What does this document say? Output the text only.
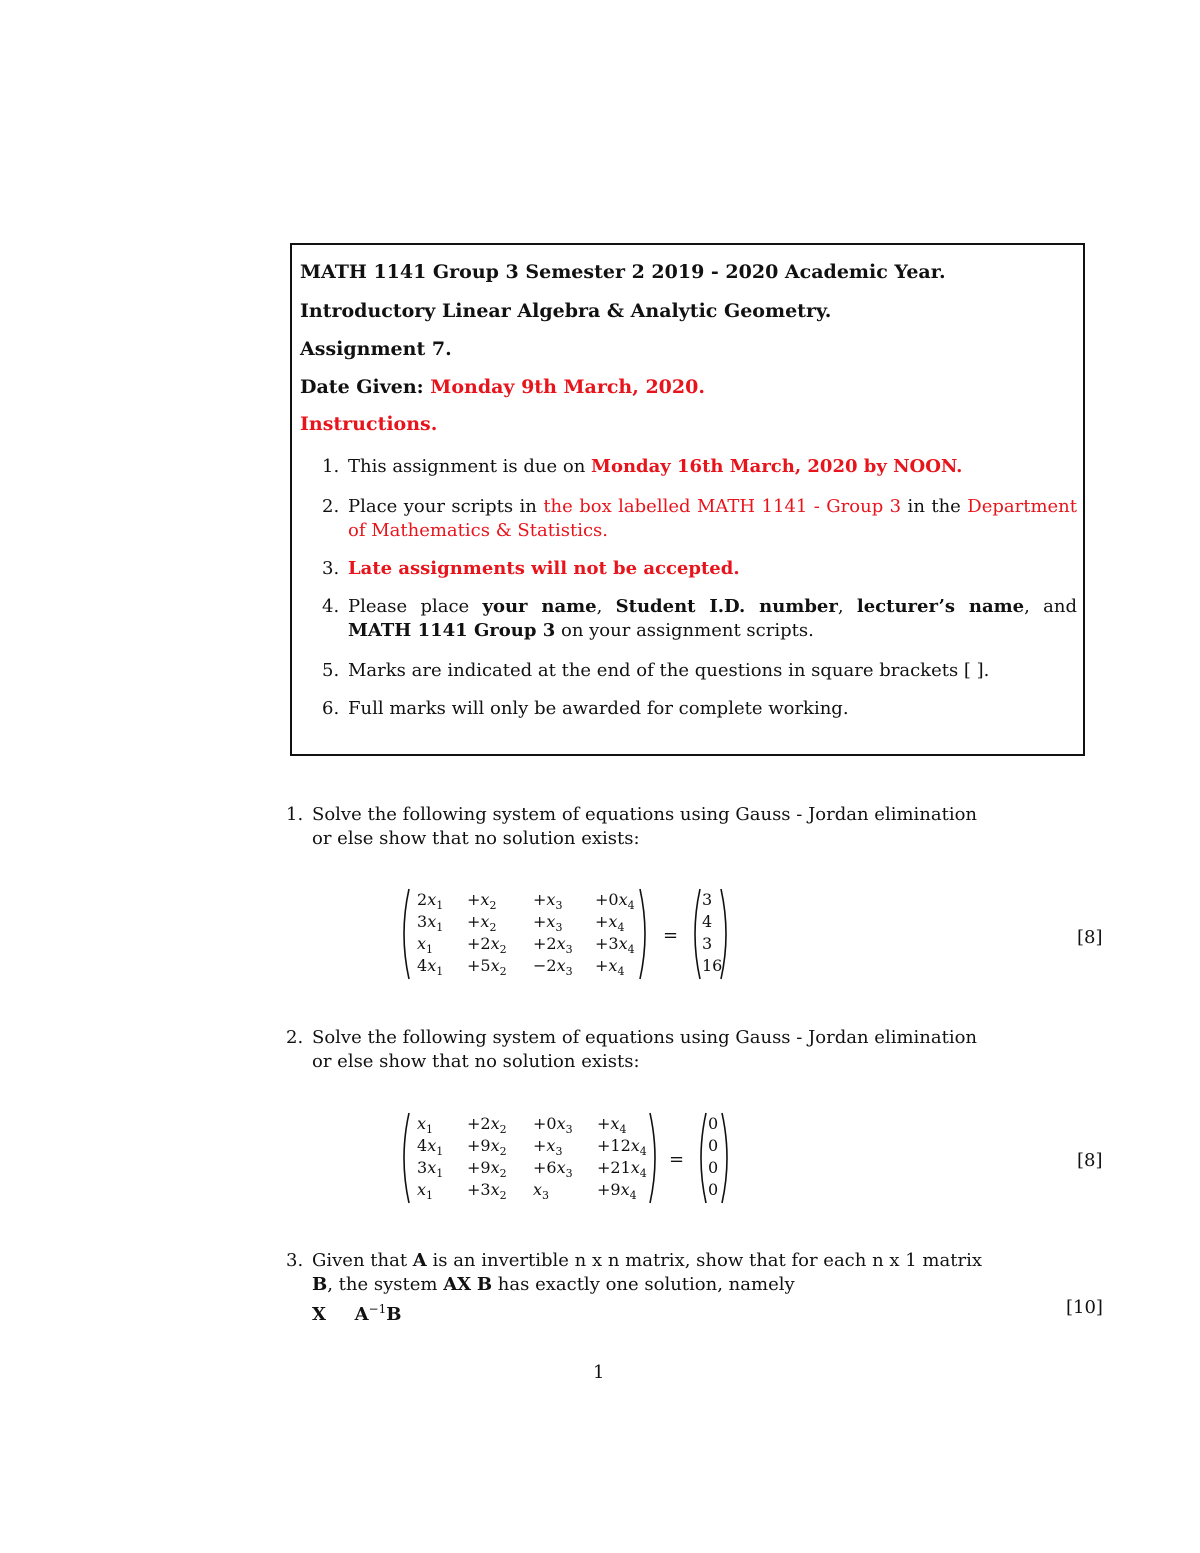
MATH 1141 Group 3 Semester 2 2019 - 2020 Academic Year.
Introductory Linear Algebra & Analytic Geometry.
Assignment 7.
Date Given: Monday 9th March, 2020.
Instructions.
1. This assignment is due on Monday 16th March, 2020 by NOON.
2. Place your scripts in the box labelled MATH 1141 - Group 3 in the Department of Mathematics & Statistics.
3. Late assignments will not be accepted.
4. Please place your name, Student I.D. number, lecturer’s name, and MATH 1141 Group 3 on your assignment scripts.
5. Marks are indicated at the end of the questions in square brackets [ ].
6. Full marks will only be awarded for complete working.
1. Solve the following system of equations using Gauss - Jordan elimination
or else show that no solution exists:
$2x_1 +x_2 +x_3 +0x_4$
$3x_1 +x_2 +x_3 +x_4$
$x_1 +2x_2 +2x_3 +3x_4$
$4x_1 +5x_2 -2x_3 +x_4$
=
3
4
3
16
[8]
2. Solve the following system of equations using Gauss - Jordan elimination
or else show that no solution exists:
$x_1 +2x_2 +0x_3 +x_4$
$4x_1 +9x_2 +x_3 +12x_4$
$3x_1 +9x_2 +6x_3 +21x_4$
$x_1 +3x_2$ $x_3$	$+9x_4$
=
0
0
0
0
[8]
3. Given that A is an invertible n x n matrix, show that for each n x 1 matrix
B, the system AX B has exactly one solution, namely
X $A^{-1}B$	[10]
1
